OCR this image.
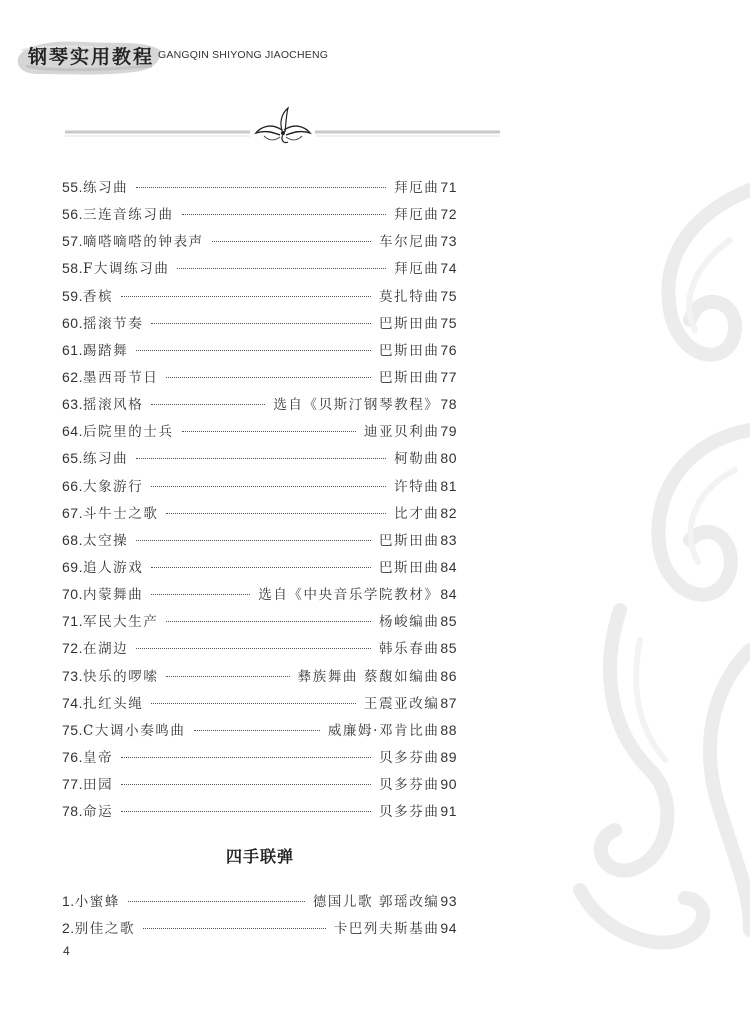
钢琴实用教程 GANGQIN SHIYONG JIAOCHENG
55. 练习曲	拜厄曲 71
56. 三连音练习曲	拜厄曲 72
57. 嘀嗒嘀嗒的钟表声	车尔尼曲 73
58. F大调练习曲	拜厄曲 74
59. 香槟	莫扎特曲 75
60. 摇滚节奏	巴斯田曲 75
61. 踢踏舞	巴斯田曲 76
62. 墨西哥节日	巴斯田曲 77
63. 摇滚风格	选自《贝斯汀钢琴教程》 78
64. 后院里的士兵	迪亚贝利曲 79
65. 练习曲	柯勒曲 80
66. 大象游行	许特曲 81
67. 斗牛士之歌	比才曲 82
68. 太空操	巴斯田曲 83
69. 追人游戏	巴斯田曲 84
70. 内蒙舞曲	选自《中央音乐学院教材》 84
71. 军民大生产	杨峻编曲 85
72. 在湖边	韩乐春曲 85
73. 快乐的啰嗦	彝族舞曲 蔡馥如编曲 86
74. 扎红头绳	王震亚改编 87
75. C大调小奏鸣曲	威廉姆·邓肯比曲 88
76. 皇帝	贝多芬曲 89
77. 田园	贝多芬曲 90
78. 命运	贝多芬曲 91
四手联弹
1. 小蜜蜂	德国儿歌 郭瑶改编 93
2. 别佳之歌	卡巴列夫斯基曲 94
4
